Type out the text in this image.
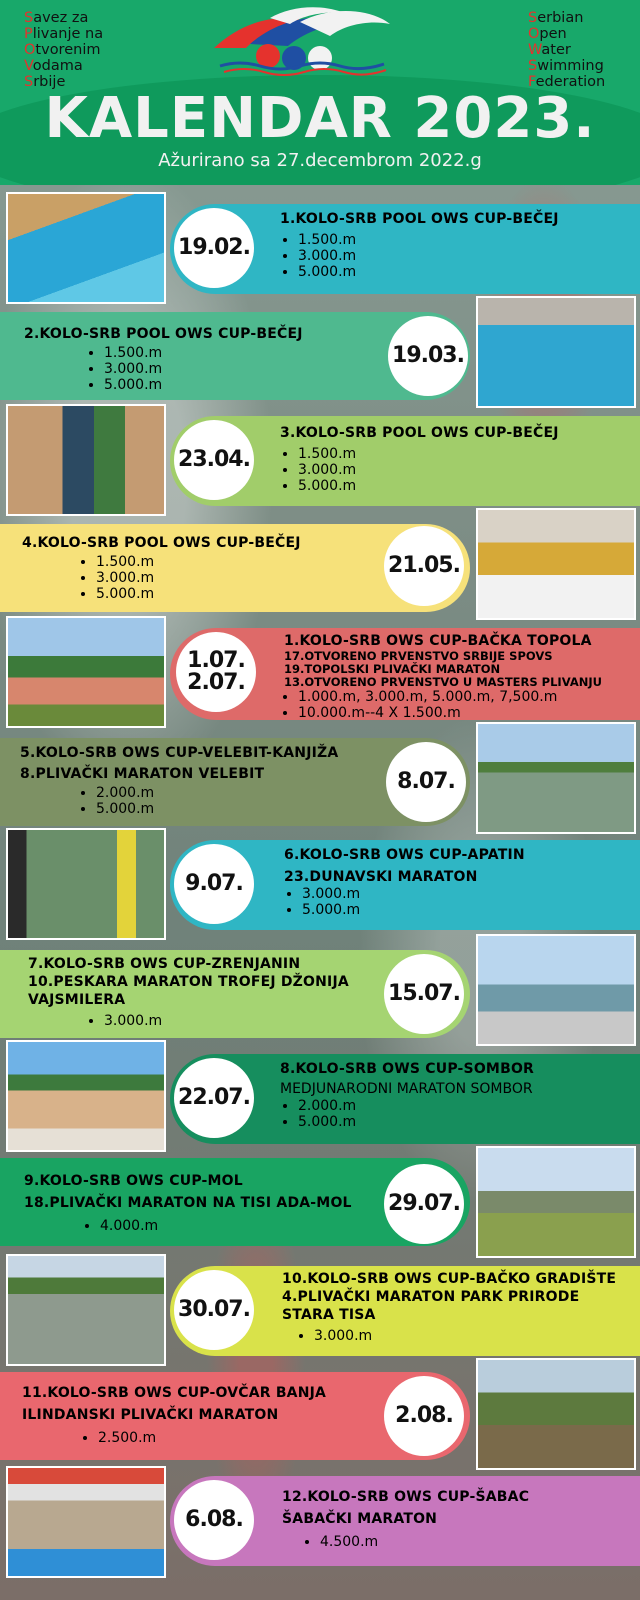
Savez za
Plivanje na
Otvorenim
Vodama
Srbije
Serbian
Open
Water
Swimming
Federation
KALENDAR 2023.
Ažurirano sa 27.decembrom 2022.g
19.02.
1.KOLO-SRB POOL OWS CUP-BEČEJ
• 1.500.m
• 3.000.m
• 5.000.m
19.03.
2.KOLO-SRB POOL OWS CUP-BEČEJ
• 1.500.m
• 3.000.m
• 5.000.m
23.04.
3.KOLO-SRB POOL OWS CUP-BEČEJ
• 1.500.m
• 3.000.m
• 5.000.m
21.05.
4.KOLO-SRB POOL OWS CUP-BEČEJ
• 1.500.m
• 3.000.m
• 5.000.m
1.07.
2.07.
1.KOLO-SRB OWS CUP-BAČKA TOPOLA
17.OTVORENO PRVENSTVO SRBIJE SPOVS
19.TOPOLSKI PLIVAČKI MARATON
13.OTVORENO PRVENSTVO U MASTERS PLIVANJU
• 1.000.m, 3.000.m, 5.000.m, 7,500.m
• 10.000.m--4 X 1.500.m
8.07.
5.KOLO-SRB OWS CUP-VELEBIT-KANJIŽA
8.PLIVAČKI MARATON VELEBIT
• 2.000.m
• 5.000.m
9.07.
6.KOLO-SRB OWS CUP-APATIN
23.DUNAVSKI MARATON
• 3.000.m
• 5.000.m
15.07.
7.KOLO-SRB OWS CUP-ZRENJANIN
10.PESKARA MARATON TROFEJ DŽONIJA
VAJSMILERA
• 3.000.m
22.07.
8.KOLO-SRB OWS CUP-SOMBOR
MEDJUNARODNI MARATON SOMBOR
• 2.000.m
• 5.000.m
29.07.
9.KOLO-SRB OWS CUP-MOL
18.PLIVAČKI MARATON NA TISI ADA-MOL
• 4.000.m
30.07.
10.KOLO-SRB OWS CUP-BAČKO GRADIŠTE
4.PLIVAČKI MARATON PARK PRIRODE
STARA TISA
• 3.000.m
2.08.
11.KOLO-SRB OWS CUP-OVČAR BANJA
ILINDANSKI PLIVAČKI MARATON
• 2.500.m
6.08.
12.KOLO-SRB OWS CUP-ŠABAC
ŠABAČKI MARATON
• 4.500.m
